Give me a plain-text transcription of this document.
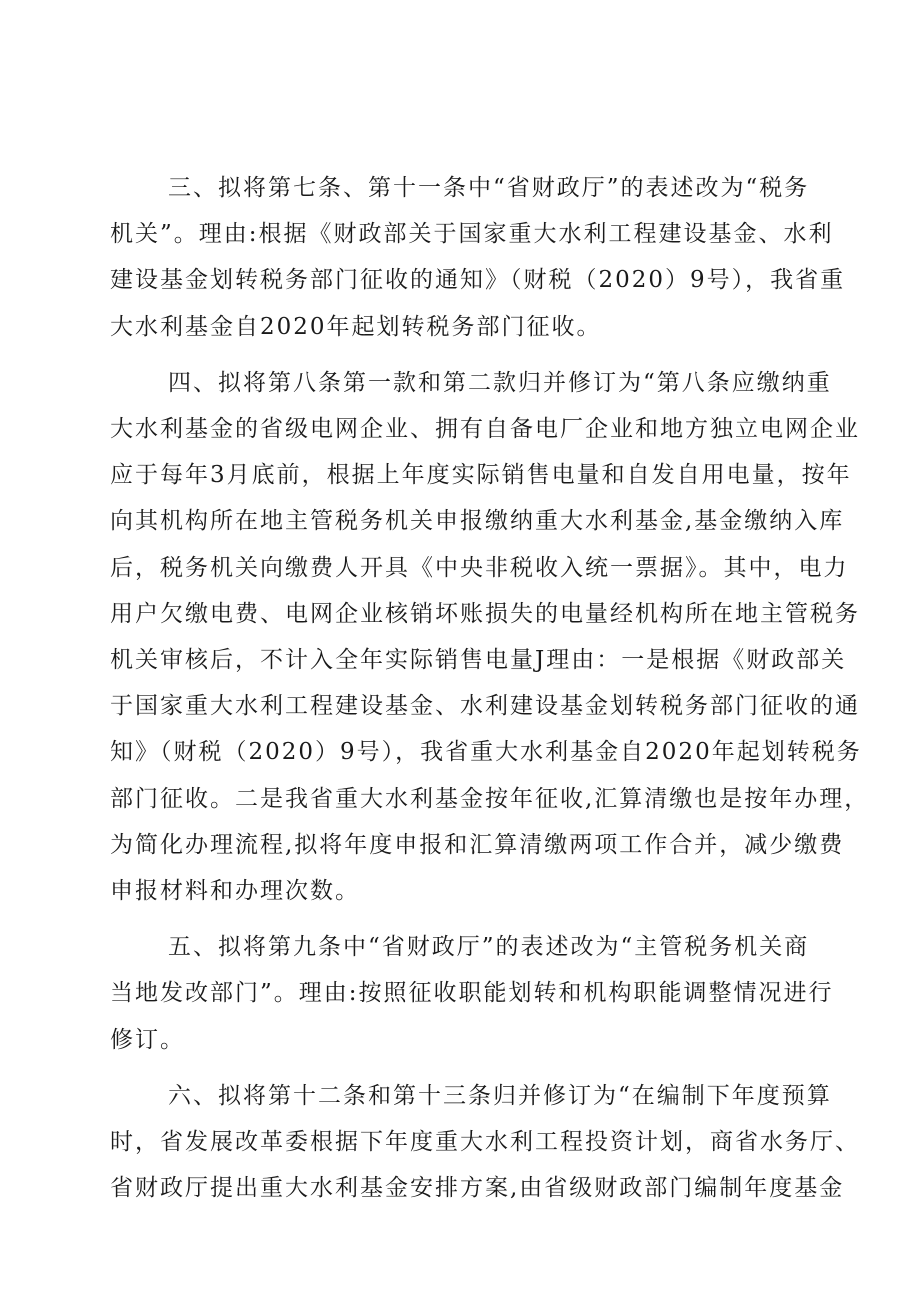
三、拟将第七条、第十一条中“省财政厅”的表述改为“税务
机关”。理由:根据《财政部关于国家重大水利工程建设基金、水利
建设基金划转税务部门征收的通知》（财税（2020）9号），我省重
大水利基金自2020年起划转税务部门征收。
四、拟将第八条第一款和第二款归并修订为“第八条应缴纳重
大水利基金的省级电网企业、拥有自备电厂企业和地方独立电网企业
应于每年3月底前，根据上年度实际销售电量和自发自用电量，按年
向其机构所在地主管税务机关申报缴纳重大水利基金,基金缴纳入库
后，税务机关向缴费人开具《中央非税收入统一票据》。其中，电力
用户欠缴电费、电网企业核销坏账损失的电量经机构所在地主管税务
机关审核后，不计入全年实际销售电量J理由：一是根据《财政部关
于国家重大水利工程建设基金、水利建设基金划转税务部门征收的通
知》（财税（2020）9号），我省重大水利基金自2020年起划转税务
部门征收。二是我省重大水利基金按年征收,汇算清缴也是按年办理，
为简化办理流程,拟将年度申报和汇算清缴两项工作合并，减少缴费
申报材料和办理次数。
五、拟将第九条中“省财政厅”的表述改为“主管税务机关商
当地发改部门”。理由:按照征收职能划转和机构职能调整情况进行
修订。
六、拟将第十二条和第十三条归并修订为“在编制下年度预算
时，省发展改革委根据下年度重大水利工程投资计划，商省水务厅、
省财政厅提出重大水利基金安排方案,由省级财政部门编制年度基金
